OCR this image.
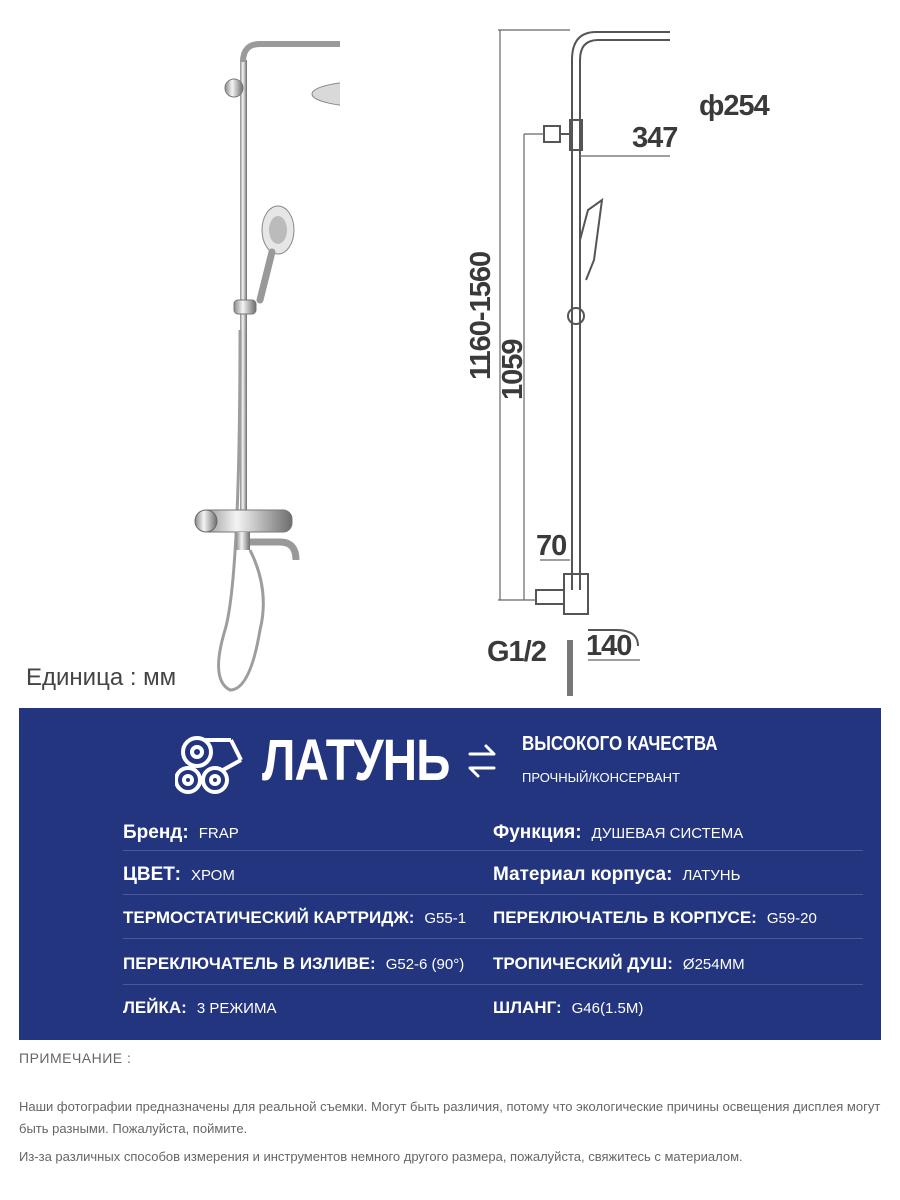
ф254
347
1160-1560 1059
70
G1/2 140
Единица : мм
ЛАТУНЬ	ВЫСОКОГО КАЧЕСТВА
ПРОЧНЫЙ/КОНСЕРВАНТ
Бренд: FRAP	Функция: ДУШЕВАЯ СИСТЕМА
ЦВЕТ: ХРОМ	Материал корпуса: ЛАТУНЬ
ТЕРМОСТАТИЧЕСКИЙ КАРТРИДЖ: G55-1 ПЕРЕКЛЮЧАТЕЛЬ В КОРПУСЕ: G59-20
ПЕРЕКЛЮЧАТЕЛЬ В ИЗЛИВЕ: G52-6 (90°) ТРОПИЧЕСКИЙ ДУШ: Ø254MM
ЛЕЙКА: 3 РЕЖИМА	ШЛАНГ: G46(1.5M)
ПРИМЕЧАНИЕ :
Наши фотографии предназначены для реальной съемки. Могут быть различия, потому что экологические причины освещения дисплея могут быть разными. Пожалуйста, поймите.
Из-за различных способов измерения и инструментов немного другого размера, пожалуйста, свяжитесь с материалом.
